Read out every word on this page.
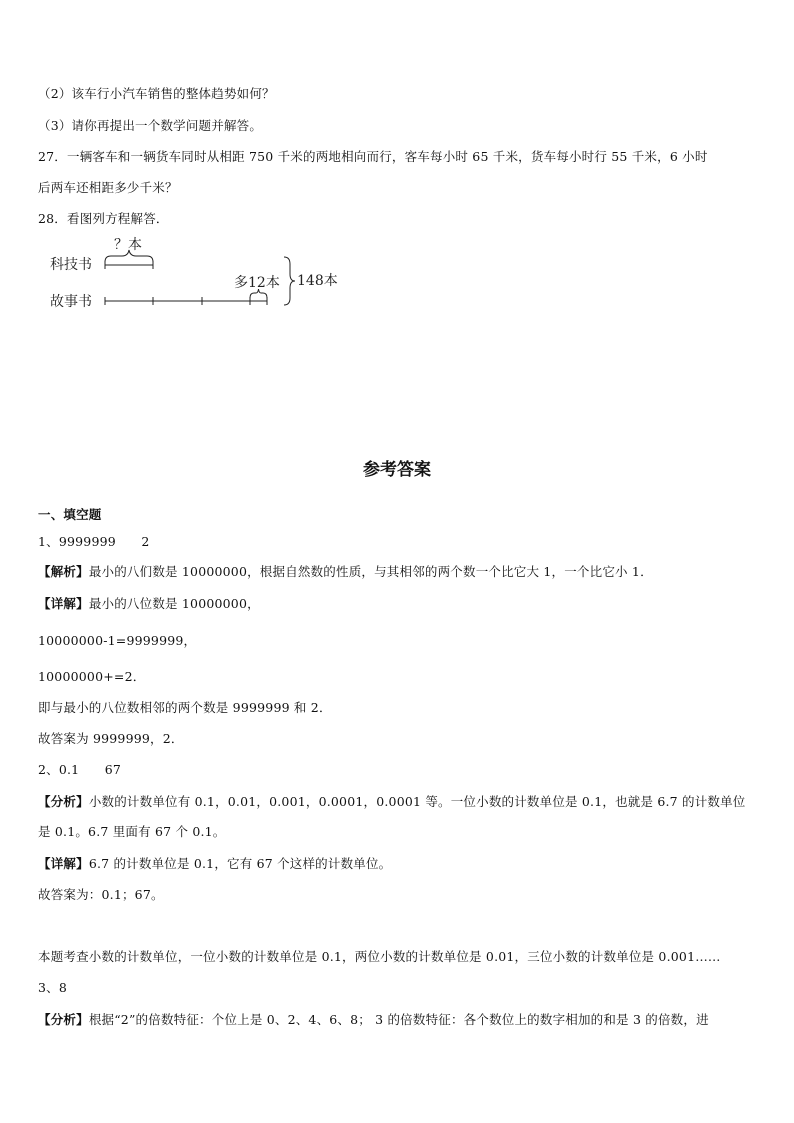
（2）该车行小汽车销售的整体趋势如何？
（3）请你再提出一个数学问题并解答。
27．一辆客车和一辆货车同时从相距 750 千米的两地相向而行，客车每小时 65 千米，货车每小时行 55 千米，6 小时
后两车还相距多少千米？
28．看图列方程解答．
科技书
故事书
？本
多12本 148本
参考答案
一、填空题
1、9999999　　2
【解析】最小的八们数是 10000000，根据自然数的性质，与其相邻的两个数一个比它大 1，一个比它小 1．
【详解】最小的八位数是 10000000，
10000000-1=9999999，
10000000+=2．
即与最小的八位数相邻的两个数是 9999999 和 2．
故答案为 9999999，2．
2、0.1　　67
【分析】小数的计数单位有 0.1，0.01，0.001，0.0001，0.0001 等。一位小数的计数单位是 0.1，也就是 6.7 的计数单位
是 0.1。6.7 里面有 67 个 0.1。
【详解】6.7 的计数单位是 0.1，它有 67 个这样的计数单位。
故答案为：0.1；67。
本题考查小数的计数单位，一位小数的计数单位是 0.1，两位小数的计数单位是 0.01，三位小数的计数单位是 0.001……
3、8
【分析】根据“2”的倍数特征：个位上是 0、2、4、6、8； 3 的倍数特征：各个数位上的数字相加的和是 3 的倍数，进
